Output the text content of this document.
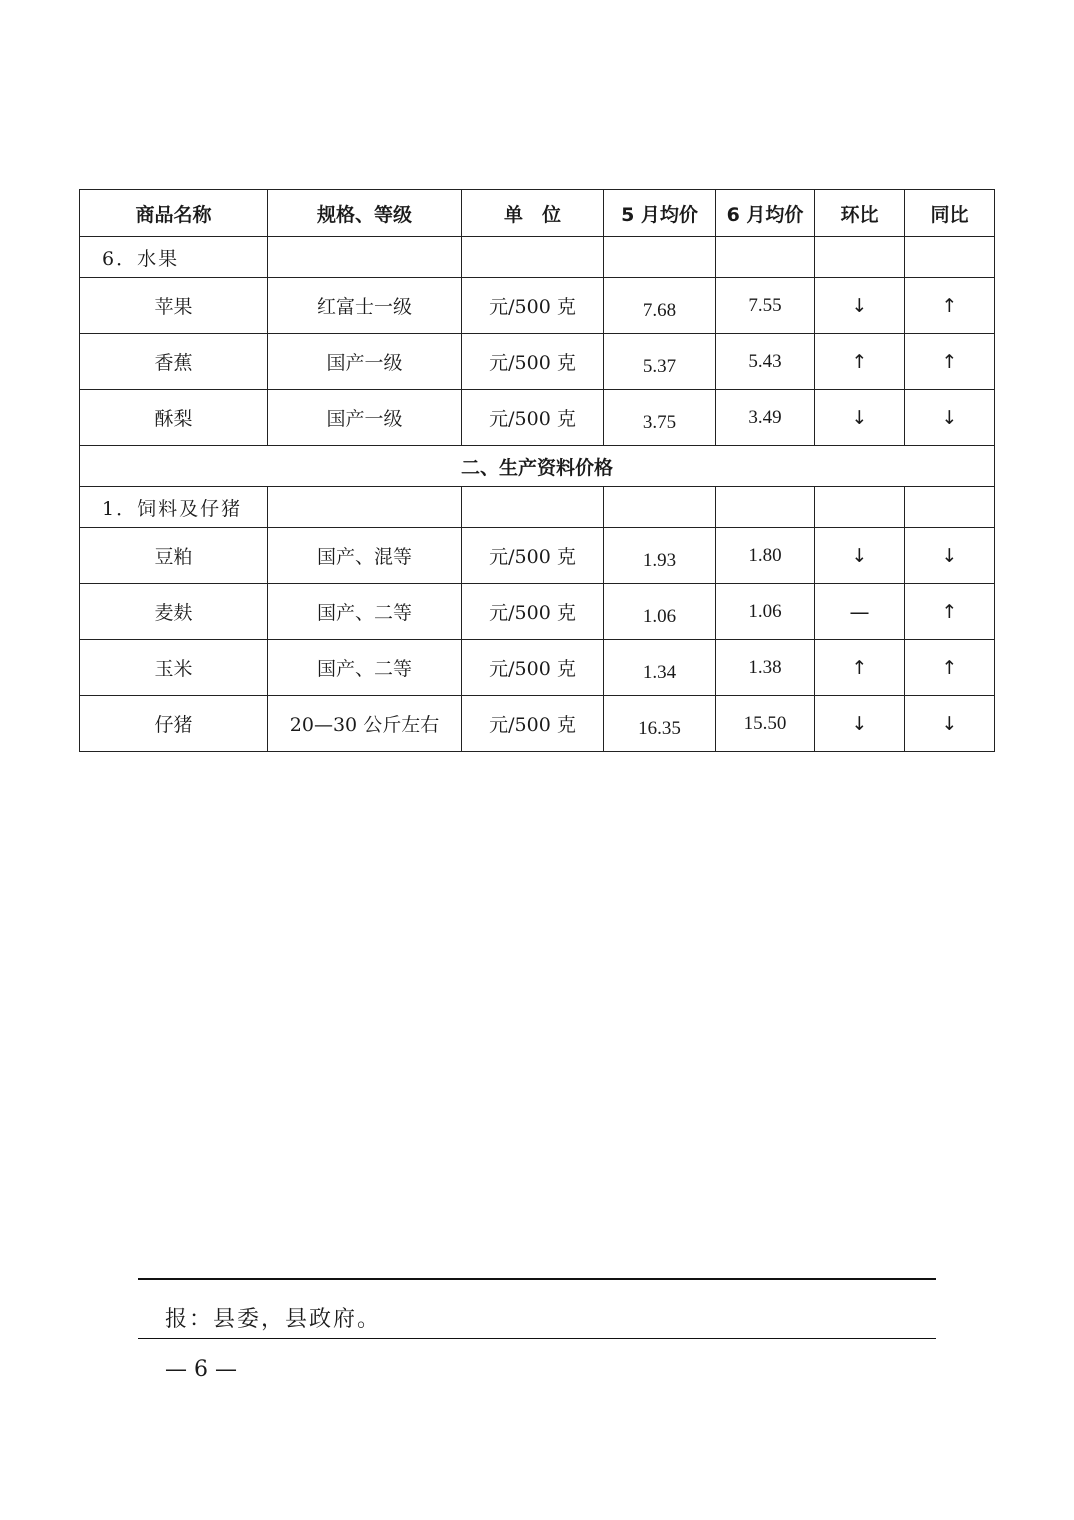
商品名称	规格、等级	单　位	5 月均价	6 月均价	环比	同比
6．水果						
苹果	红富士一级	元/500 克	7.68	7.55	↓	↑
香蕉	国产一级	元/500 克	5.37	5.43	↑	↑
酥梨	国产一级	元/500 克	3.75	3.49	↓	↓
二、生产资料价格						
1．饲料及仔猪						
豆粕	国产、混等	元/500 克	1.93	1.80	↓	↓
麦麸	国产、二等	元/500 克	1.06	1.06	—	↑
玉米	国产、二等	元/500 克	1.34	1.38	↑	↑
仔猪	20—30 公斤左右	元/500 克	16.35	15.50	↓	↓
报：县委，县政府。
— 6 —
